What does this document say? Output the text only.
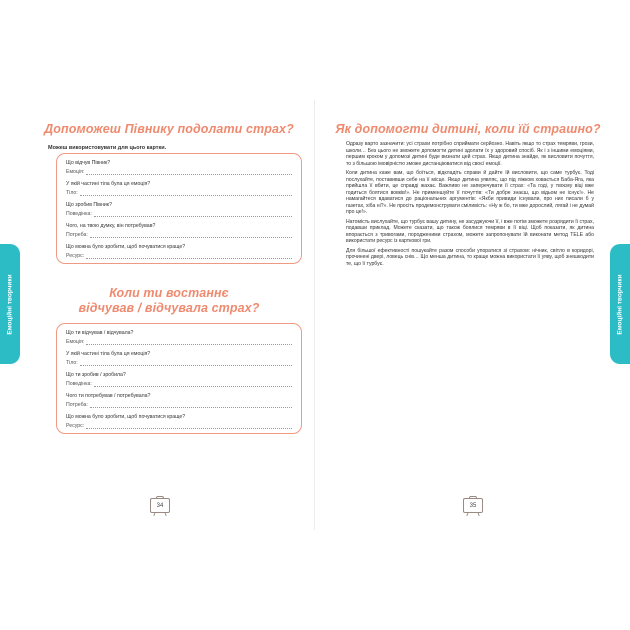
Емоційні творчики	Емоційні творчики
Допоможеш Півнику подолати страх?
Можеш використовувати для цього картки.
Що відчув Півник?
Емоція:
У якій частині тіла була ця емоція?
Тіло:
Що зробив Півник?
Поведінка:
Чого, на твою думку, він потребував?
Потреба:
Що можна було зробити, щоб почуватися краще?
Ресурс:
Коли ти востаннє
відчував / відчувала страх?
Що ти відчував / відчувала?
Емоція:
У якій частині тіла була ця емоція?
Тіло:
Що ти зробив / зробила?
Поведінка:
Чого ти потребував / потребувала?
Потреба:
Що можна було зробити, щоб почуватися краще?
Ресурс:
34
Як допомогти дитині, коли їй страшно?

Одразу варто зазначити: усі страхи потрібно сприймати серйозно. Навіть якщо то страх темряви, грози, школи… Без цього не зможете допомогти дитині здолати їх у здоровий спосіб. Як і з іншими емоціями, першим кроком у допомозі дитині буде визнати цей страх. Якщо дитина знайде, як висловити почуття, то з більшою імовірністю зможе дистанціюватися від своєї емоції.

Коли дитина каже вам, що боїться, відкладіть справи й дайте їй висловити, що саме турбує. Тоді послухайте, поставивши себе на її місце. Якщо дитина уявляє, що під ліжком ховається Баба-Яга, яка прийшла її вбити, це справді жахає. Важливо не заперечувати її страх: «Та годі, у твоєму віці вже годиться боятися вовків!». Не применшуйте її почуттів: «Ти добре знаєш, що відьом не існує!». Не намагайтеся вдаватися до раціональних аргументів: «Якби привиди існували, про них писали б у газетах, хіба ні?». Не просіть продемонструвати сміливість: «Ну ж бо, ти вже дорослий, лягай і не думай про це!».

Натомість вислухайте, що турбує вашу дитину, не засуджуючи її, і вже потім зможете розрядити її страх, подавши приклад. Можете сказати, що також боялися темряви в її віці. Щоб показати, як дитина впорається з тривогами, породженими страхом, можете запропонувати їй виконати метод TELE або використати ресурс із карткової гри.

Для більшої ефективності пошукайте разом способи упоратися зі страхом: нічник, світло в коридорі, прочинені двері, ловець снів… Що менша дитина, то краще можна використати її уяву, щоб знешкодити те, що її турбує.

35
